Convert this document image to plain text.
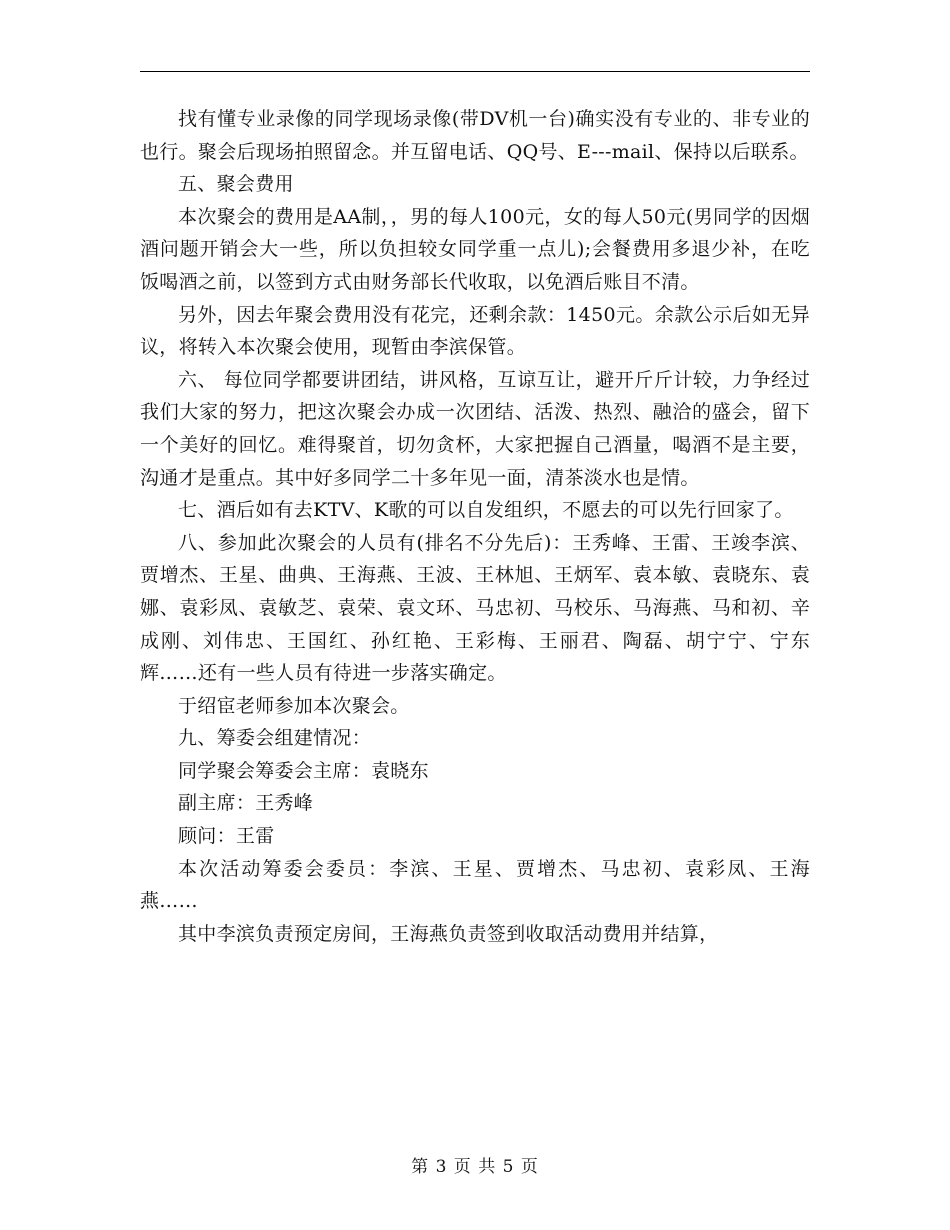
找有懂专业录像的同学现场录像(带DV机一台)确实没有专业的、非专业的也行。聚会后现场拍照留念。并互留电话、QQ号、E---mail、保持以后联系。

五、聚会费用

本次聚会的费用是AA制，，男的每人100元，女的每人50元(男同学的因烟酒问题开销会大一些，所以负担较女同学重一点儿);会餐费用多退少补，在吃饭喝酒之前，以签到方式由财务部长代收取，以免酒后账目不清。

另外，因去年聚会费用没有花完，还剩余款：1450元。余款公示后如无异议，将转入本次聚会使用，现暂由李滨保管。

六、 每位同学都要讲团结，讲风格，互谅互让，避开斤斤计较，力争经过我们大家的努力，把这次聚会办成一次团结、活泼、热烈、融洽的盛会，留下一个美好的回忆。难得聚首，切勿贪杯，大家把握自己酒量，喝酒不是主要，沟通才是重点。其中好多同学二十多年见一面，清茶淡水也是情。

七、酒后如有去KTV、K歌的可以自发组织，不愿去的可以先行回家了。

八、参加此次聚会的人员有(排名不分先后)：王秀峰、王雷、王竣李滨、贾增杰、王星、曲典、王海燕、王波、王林旭、王炳军、袁本敏、袁晓东、袁娜、袁彩凤、袁敏芝、袁荣、袁文环、马忠初、马校乐、马海燕、马和初、辛成刚、刘伟忠、王国红、孙红艳、王彩梅、王丽君、陶磊、胡宁宁、宁东辉……还有一些人员有待进一步落实确定。

于绍宦老师参加本次聚会。

九、筹委会组建情况：

同学聚会筹委会主席：袁晓东

副主席：王秀峰

顾问：王雷

本次活动筹委会委员：李滨、王星、贾增杰、马忠初、袁彩凤、王海燕……

其中李滨负责预定房间，王海燕负责签到收取活动费用并结算，

第 3 页 共 5 页
